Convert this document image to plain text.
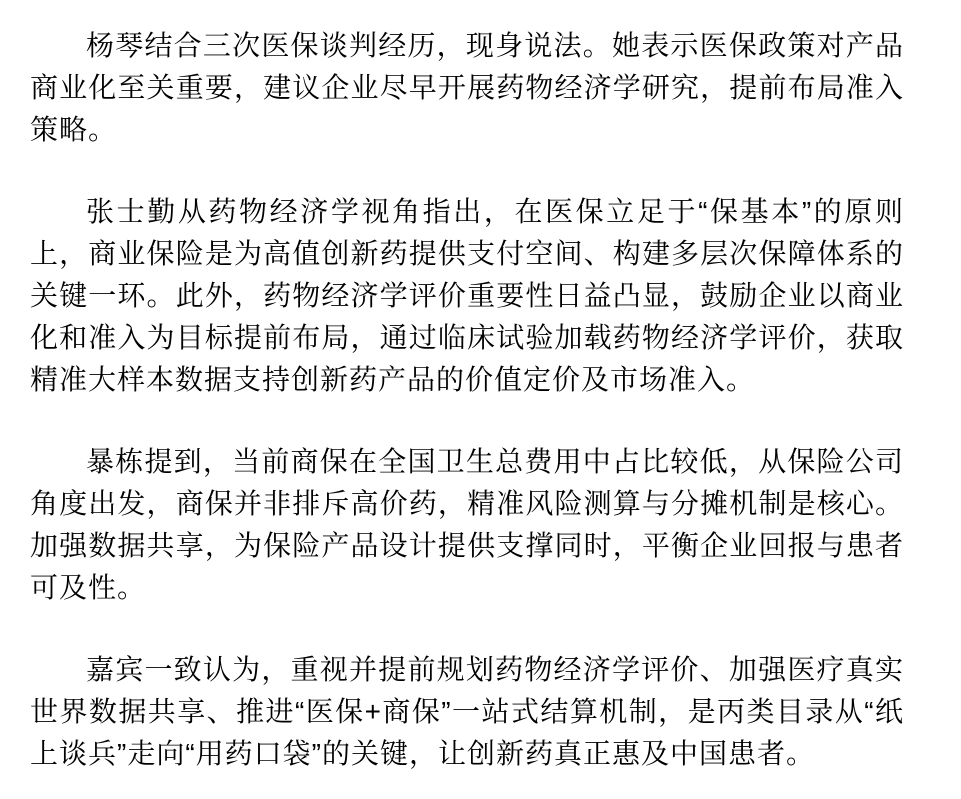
杨琴结合三次医保谈判经历，现身说法。她表示医保政策对产品商业化至关重要，建议企业尽早开展药物经济学研究，提前布局准入策略。

张士勤从药物经济学视角指出，在医保立足于“保基本”的原则上，商业保险是为高值创新药提供支付空间、构建多层次保障体系的关键一环。此外，药物经济学评价重要性日益凸显，鼓励企业以商业化和准入为目标提前布局，通过临床试验加载药物经济学评价，获取精准大样本数据支持创新药产品的价值定价及市场准入。

暴栋提到，当前商保在全国卫生总费用中占比较低，从保险公司角度出发，商保并非排斥高价药，精准风险测算与分摊机制是核心。加强数据共享，为保险产品设计提供支撑同时，平衡企业回报与患者可及性。

嘉宾一致认为，重视并提前规划药物经济学评价、加强医疗真实世界数据共享、推进“医保+商保”一站式结算机制，是丙类目录从“纸上谈兵”走向“用药口袋”的关键，让创新药真正惠及中国患者。
